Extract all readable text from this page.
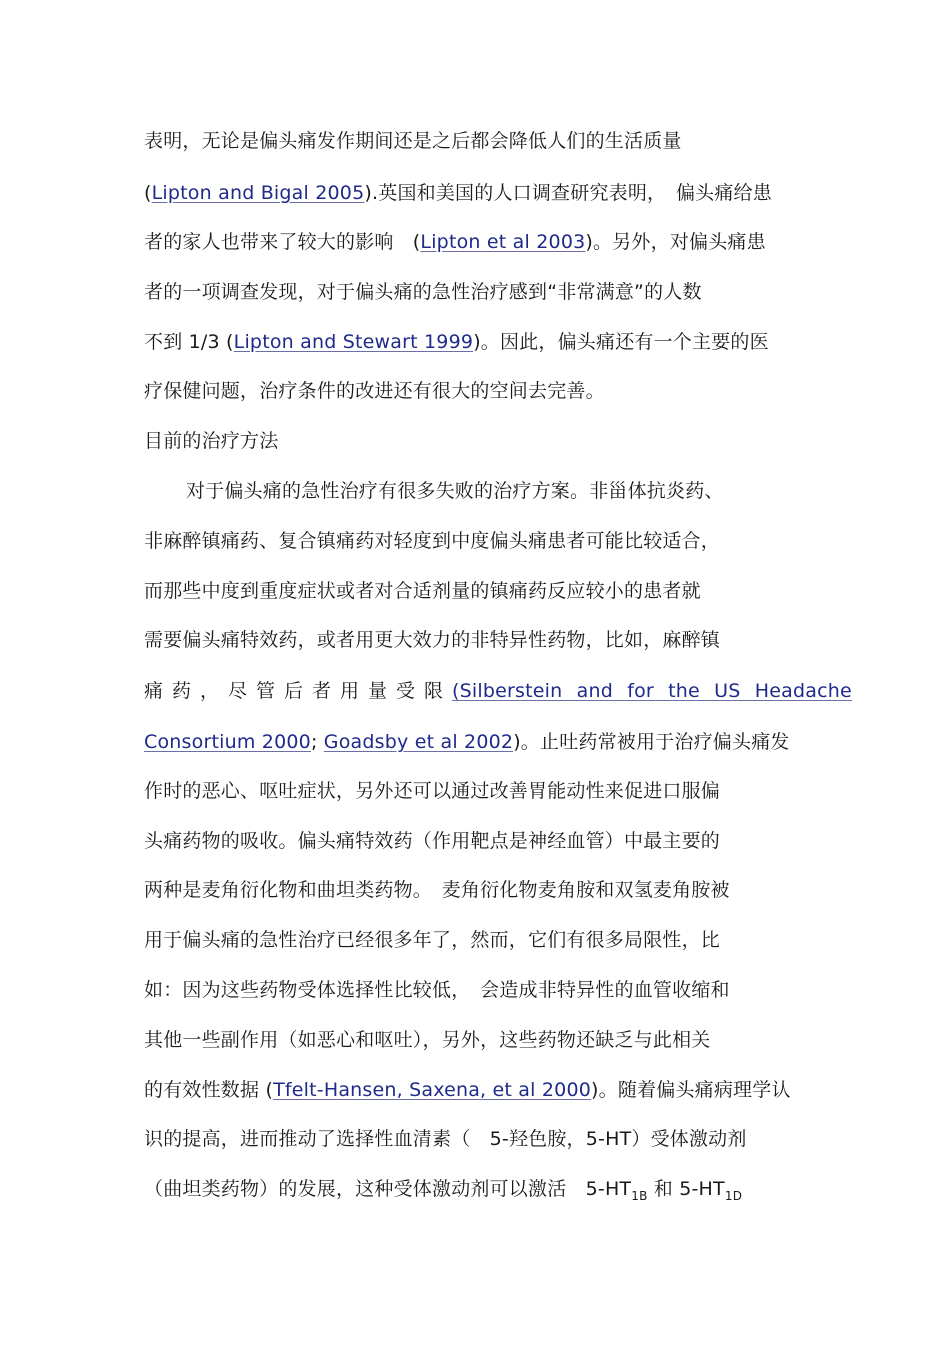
表明，无论是偏头痛发作期间还是之后都会降低人们的生活质量
(Lipton and Bigal 2005).英国和美国的人口调查研究表明，　偏头痛给患
者的家人也带来了较大的影响　(Lipton et al 2003)。另外，对偏头痛患
者的一项调查发现，对于偏头痛的急性治疗感到“非常满意”的人数
不到 1/3 (Lipton and Stewart 1999)。因此，偏头痛还有一个主要的医
疗保健问题，治疗条件的改进还有很大的空间去完善。
目前的治疗方法
对于偏头痛的急性治疗有很多失败的治疗方案。非甾体抗炎药、
非麻醉镇痛药、复合镇痛药对轻度到中度偏头痛患者可能比较适合，
而那些中度到重度症状或者对合适剂量的镇痛药反应较小的患者就
需要偏头痛特效药，或者用更大效力的非特异性药物，比如，麻醉镇
痛药，尽管后者用量受限(Silberstein and for the US Headache
Consortium 2000; Goadsby et al 2002)。止吐药常被用于治疗偏头痛发
作时的恶心、呕吐症状，另外还可以通过改善胃能动性来促进口服偏
头痛药物的吸收。偏头痛特效药（作用靶点是神经血管）中最主要的
两种是麦角衍化物和曲坦类药物。　麦角衍化物麦角胺和双氢麦角胺被
用于偏头痛的急性治疗已经很多年了，然而，它们有很多局限性，比
如：因为这些药物受体选择性比较低，　会造成非特异性的血管收缩和
其他一些副作用（如恶心和呕吐），另外，这些药物还缺乏与此相关
的有效性数据 (Tfelt-Hansen, Saxena, et al 2000)。随着偏头痛病理学认
识的提高，进而推动了选择性血清素（　5-羟色胺，5-HT）受体激动剂
（曲坦类药物）的发展，这种受体激动剂可以激活　$5-HT_{1B}$ 和 $5-HT_{1D}$
